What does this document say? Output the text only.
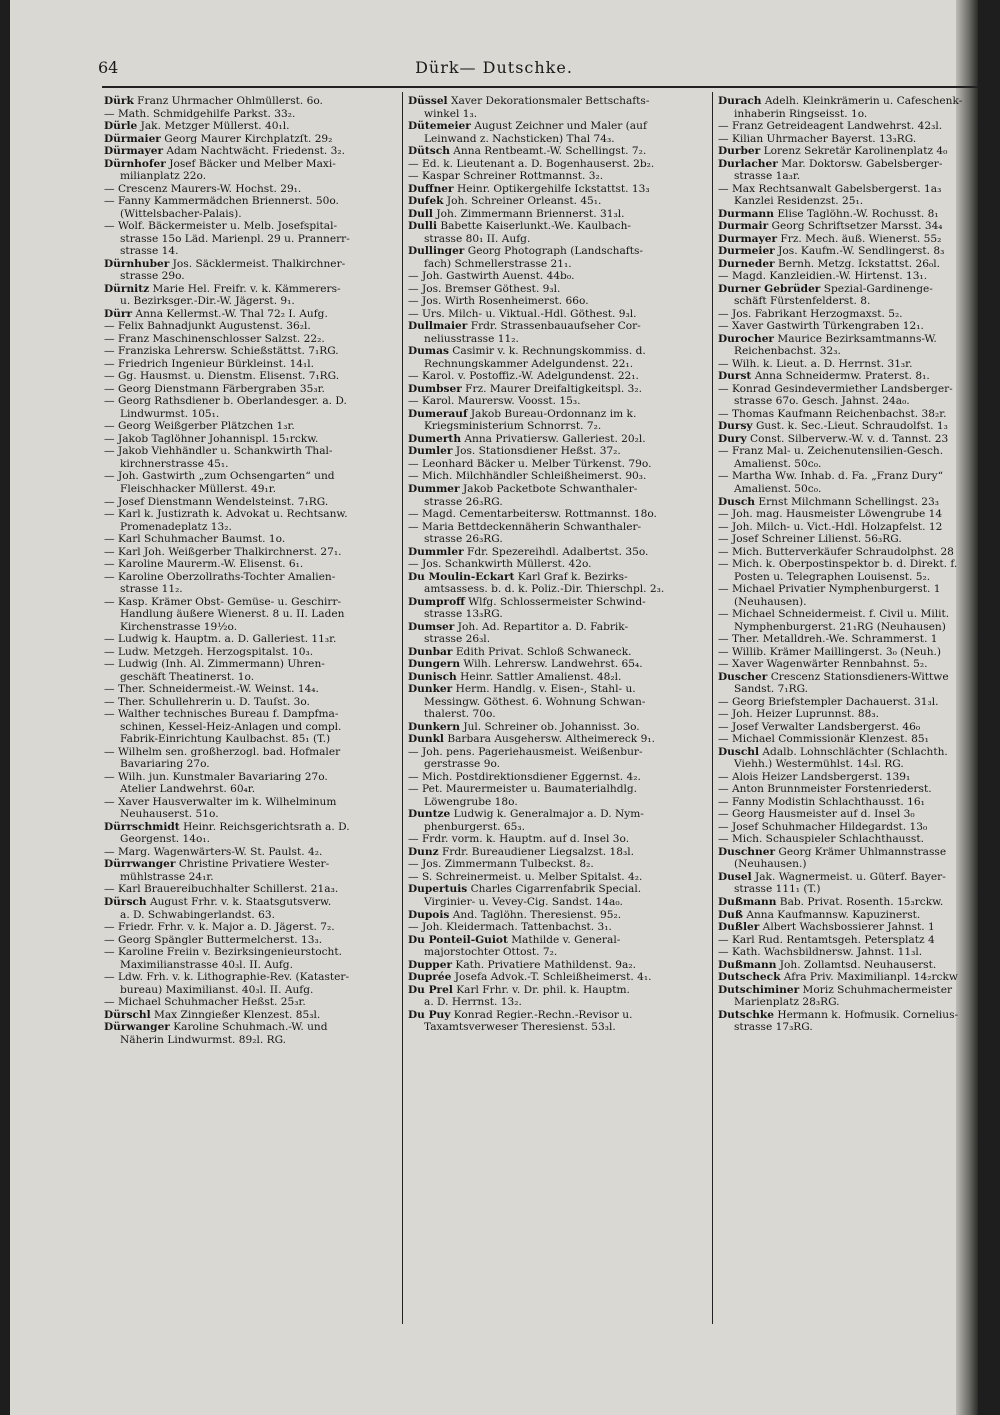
64	Dürk— Dutschke.
Dürk Franz Uhrmacher Ohlmüllerst. 6o.
— Math. Schmidgehilfe Parkst. 33₂.
Dürle Jak. Metzger Müllerst. 40₁l.
Dürmaier Georg Maurer Kirchplatzſt. 29₂
Dürmayer Adam Nachtwächt. Friedenst. 3₂.
Dürnhofer Josef Bäcker und Melber Maxi-
milianplatz 22o.
— Crescenz Maurers-W. Hochst. 29₁.
— Fanny Kammermädchen Briennerst. 50o.
(Wittelsbacher-Palais).
— Wolf. Bäckermeister u. Melb. Josefspital-
strasse 15o Läd. Marienpl. 29 u. Prannerr-
strasse 14.
Dürnhuber Jos. Säcklermeist. Thalkirchner-
strasse 29o.
Dürnitz Marie Hel. Freifr. v. k. Kämmerers-
u. Bezirksger.-Dir.-W. Jägerst. 9₁.
Dürr Anna Kellermst.-W. Thal 72₂ I. Aufg.
— Felix Bahnadjunkt Augustenst. 36₂l.
— Franz Maschinenschlosser Salzst. 22₂.
— Franziska Lehrersw. Schießstättst. 7₁RG.
— Friedrich Ingenieur Bürkleinst. 14₁l.
— Gg. Hausmst. u. Dienstm. Elisenst. 7₁RG.
— Georg Dienstmann Färbergraben 35₃r.
— Georg Rathsdiener b. Oberlandesger. a. D.
Lindwurmst. 105₁.
— Georg Weißgerber Plätzchen 1₃r.
— Jakob Taglöhner Johannispl. 15₁rckw.
— Jakob Viehhändler u. Schankwirth Thal-
kirchnerstrasse 45₁.
— Joh. Gastwirth „zum Ochsengarten“ und
Fleischhacker Müllerst. 49₁r.
— Josef Dienstmann Wendelsteinst. 7₁RG.
— Karl k. Justizrath k. Advokat u. Rechtsanw.
Promenadeplatz 13₂.
— Karl Schuhmacher Baumst. 1o.
— Karl Joh. Weißgerber Thalkirchnerst. 27₁.
— Karoline Maurerm.-W. Elisenst. 6₁.
— Karoline Oberzollraths-Tochter Amalien-
strasse 11₂.
— Kasp. Krämer Obst- Gemüse- u. Geschirr-
Handlung äußere Wienerst. 8 u. II. Laden
Kirchenstrasse 19½o.
— Ludwig k. Hauptm. a. D. Galleriest. 11₃r.
— Ludw. Metzgeh. Herzogspitalst. 10₃.
— Ludwig (Inh. Al. Zimmermann) Uhren-
geschäft Theatinerst. 1o.
— Ther. Schneidermeist.-W. Weinst. 14₄.
— Ther. Schullehrerin u. D. Tauſst. 3o.
— Walther technisches Bureau f. Dampfma-
schinen, Kessel-Heiz-Anlagen und compl.
Fabrik-Einrichtung Kaulbachst. 85₁ (T.)
— Wilhelm sen. großherzogl. bad. Hofmaler
Bavariaring 27o.
— Wilh. jun. Kunstmaler Bavariaring 27o.
Atelier Landwehrst. 60₄r.
— Xaver Hausverwalter im k. Wilhelminum
Neuhauserst. 51o.
Dürrschmidt Heinr. Reichsgerichtsrath a. D.
Georgenst. 14o₁.
— Marg. Wagenwärters-W. St. Paulst. 4₂.
Dürrwanger Christine Privatiere Wester-
mühlstrasse 24₁r.
— Karl Brauereibuchhalter Schillerst. 21a₃.
Dürsch August Frhr. v. k. Staatsgutsverw.
a. D. Schwabingerlandst. 63.
— Friedr. Frhr. v. k. Major a. D. Jägerst. 7₂.
— Georg Spängler Buttermelcherst. 13₃.
— Karoline Freiin v. Bezirksingenieurstocht.
Maximilianstrasse 40₃l. II. Aufg.
— Ldw. Frh. v. k. Lithographie-Rev. (Kataster-
bureau) Maximilianst. 40₃l. II. Aufg.
— Michael Schuhmacher Heßst. 25₃r.
Dürschl Max Zinngießer Klenzest. 85₃l.
Dürwanger Karoline Schuhmach.-W. und
Näherin Lindwurmst. 89₂l. RG.
Düssel Xaver Dekorationsmaler Bettschafts-
winkel 1₃.
Dütemeier August Zeichner und Maler (auf
Leinwand z. Nachsticken) Thal 74₃.
Dütsch Anna Rentbeamt.-W. Schellingst. 7₂.
— Ed. k. Lieutenant a. D. Bogenhauserst. 2b₂.
— Kaspar Schreiner Rottmannst. 3₂.
Duffner Heinr. Optikergehilfe Ickstattst. 13₃
Dufek Joh. Schreiner Orleanst. 45₁.
Dull Joh. Zimmermann Briennerst. 31₃l.
Dulli Babette Kaiserlunkt.-We. Kaulbach-
strasse 80₁ II. Aufg.
Dullinger Georg Photograph (Landschafts-
fach) Schmellerstrasse 21₁.
— Joh. Gastwirth Auenst. 44b₀.
— Jos. Bremser Göthest. 9₃l.
— Jos. Wirth Rosenheimerst. 66o.
— Urs. Milch- u. Viktual.-Hdl. Göthest. 9₃l.
Dullmaier Frdr. Strassenbauaufseher Cor-
neliusstrasse 11₂.
Dumas Casimir v. k. Rechnungskommiss. d.
Rechnungskammer Adelgundenst. 22₁.
— Karol. v. Postoffiz.-W. Adelgundenst. 22₁.
Dumbser Frz. Maurer Dreifaltigkeitspl. 3₂.
— Karol. Maurersw. Voosst. 15₃.
Dumerauf Jakob Bureau-Ordonnanz im k.
Kriegsministerium Schnorrst. 7₂.
Dumerth Anna Privatiersw. Galleriest. 20₂l.
Dumler Jos. Stationsdiener Heßst. 37₂.
— Leonhard Bäcker u. Melber Türkenst. 79o.
— Mich. Milchhändler Schleißheimerst. 90₃.
Dummer Jakob Packetbote Schwanthaler-
strasse 26₃RG.
— Magd. Cementarbeitersw. Rottmannst. 18o.
— Maria Bettdeckennäherin Schwanthaler-
strasse 26₃RG.
Dummler Fdr. Spezereihdl. Adalbertst. 35o.
— Jos. Schankwirth Müllerst. 42o.
Du Moulin-Eckart Karl Graf k. Bezirks-
amtsassess. b. d. k. Poliz.-Dir. Thierschpl. 2₃.
Dumproff Wlfg. Schlossermeister Schwind-
strasse 13₃RG.
Dumser Joh. Ad. Repartitor a. D. Fabrik-
strasse 26₃l.
Dunbar Edith Privat. Schloß Schwaneck.
Dungern Wilh. Lehrersw. Landwehrst. 65₄.
Dunisch Heinr. Sattler Amalienst. 48₂l.
Dunker Herm. Handlg. v. Eisen-, Stahl- u.
Messingw. Göthest. 6. Wohnung Schwan-
thalerst. 70o.
Dunkern Jul. Schreiner ob. Johannisst. 3o.
Dunkl Barbara Ausgehersw. Altheimereck 9₁.
— Joh. pens. Pageriehausmeist. Weißenbur-
gerstrasse 9o.
— Mich. Postdirektionsdiener Eggernst. 4₂.
— Pet. Maurermeister u. Baumaterialhdlg.
Löwengrube 18o.
Duntze Ludwig k. Generalmajor a. D. Nym-
phenburgerst. 65₃.
— Frdr. vorm. k. Hauptm. auf d. Insel 3o.
Dunz Frdr. Bureaudiener Liegsalzst. 18₃l.
— Jos. Zimmermann Tulbeckst. 8₂.
— S. Schreinermeist. u. Melber Spitalst. 4₂.
Dupertuis Charles Cigarrenfabrik Special.
Virginier- u. Vevey-Cig. Sandst. 14a₀.
Dupois And. Taglöhn. Theresienst. 95₂.
— Joh. Kleidermach. Tattenbachst. 3₁.
Du Ponteil-Guiot Mathilde v. General-
majorstochter Ottost. 7₂.
Dupper Kath. Privatiere Mathildenst. 9a₂.
Duprée Josefa Advok.-T. Schleißheimerst. 4₁.
Du Prel Karl Frhr. v. Dr. phil. k. Hauptm.
a. D. Herrnst. 13₂.
Du Puy Konrad Regier.-Rechn.-Revisor u.
Taxamtsverweser Theresienst. 53₃l.
Durach Adelh. Kleinkrämerin u. Cafeschenk-
inhaberin Ringseisst. 1o.
— Franz Getreideagent Landwehrst. 42₃l.
— Kilian Uhrmacher Bayerst. 13₃RG.
Durber Lorenz Sekretär Karolinenplatz 4₀
Durlacher Mar. Doktorsw. Gabelsberger-
strasse 1a₃r.
— Max Rechtsanwalt Gabelsbergerst. 1a₃
Kanzlei Residenzst. 25₁.
Durmann Elise Taglöhn.-W. Rochusst. 8₁
Durmair Georg Schriftsetzer Marsst. 34₄
Durmayer Frz. Mech. äuß. Wienerst. 55₂
Durmeier Jos. Kaufm.-W. Sendlingerst. 8₃
Durneder Bernh. Metzg. Ickstattst. 26₀l.
— Magd. Kanzleidien.-W. Hirtenst. 13₁.
Durner Gebrüder Spezial-Gardinenge-
schäft Fürstenfelderst. 8.
— Jos. Fabrikant Herzogmaxst. 5₂.
— Xaver Gastwirth Türkengraben 12₁.
Durocher Maurice Bezirksamtmanns-W.
Reichenbachst. 32₃.
— Wilh. k. Lieut. a. D. Herrnst. 31₃r.
Durst Anna Schneidermw. Praterst. 8₁.
— Konrad Gesindevermiether Landsberger-
strasse 67o. Gesch. Jahnst. 24a₀.
— Thomas Kaufmann Reichenbachst. 38₂r.
Dursy Gust. k. Sec.-Lieut. Schraudolfst. 1₃
Dury Const. Silberverw.-W. v. d. Tannst. 23
— Franz Mal- u. Zeichenutensilien-Gesch.
Amalienst. 50c₀.
— Martha Ww. Inhab. d. Fa. „Franz Dury“
Amalienst. 50c₀.
Dusch Ernst Milchmann Schellingst. 23₃
— Joh. mag. Hausmeister Löwengrube 14
— Joh. Milch- u. Vict.-Hdl. Holzapfelst. 12
— Josef Schreiner Lilienst. 56₃RG.
— Mich. Butterverkäufer Schraudolphst. 28
— Mich. k. Oberpostinspektor b. d. Direkt. f.
Posten u. Telegraphen Louisenst. 5₂.
— Michael Privatier Nymphenburgerst. 1
(Neuhausen).
— Michael Schneidermeist. f. Civil u. Milit.
Nymphenburgerst. 21₁RG (Neuhausen)
— Ther. Metalldreh.-We. Schrammerst. 1
— Willib. Krämer Maillingerst. 3₀ (Neuh.)
— Xaver Wagenwärter Rennbahnst. 5₂.
Duscher Crescenz Stationsdieners-Wittwe
Sandst. 7₁RG.
— Georg Briefstempler Dachauerst. 31₃l.
— Joh. Heizer Luprunnst. 88₃.
— Josef Verwalter Landsbergerst. 46₀
— Michael Commissionär Klenzest. 85₁
Duschl Adalb. Lohnschlächter (Schlachth.
Viehh.) Westermühlst. 14₃l. RG.
— Alois Heizer Landsbergerst. 139₁
— Anton Brunnmeister Forstenriederst.
— Fanny Modistin Schlachthausst. 16₁
— Georg Hausmeister auf d. Insel 3₀
— Josef Schuhmacher Hildegardst. 13₀
— Mich. Schauspieler Schlachthausst.
Duschner Georg Krämer Uhlmannstrasse
(Neuhausen.)
Dusel Jak. Wagnermeist. u. Güterf. Bayer-
strasse 111₁ (T.)
Dußmann Bab. Privat. Rosenth. 15₃rckw.
Duß Anna Kaufmannsw. Kapuzinerst.
Dußler Albert Wachsbossierer Jahnst. 1
— Karl Rud. Rentamtsgeh. Petersplatz 4
— Kath. Wachsbildnersw. Jahnst. 11₃l.
Dußmann Joh. Zollamtsd. Neuhauserst.
Dutscheck Afra Priv. Maximilianpl. 14₂rckw
Dutschiminer Moriz Schuhmachermeister
Marienplatz 28₃RG.
Dutschke Hermann k. Hofmusik. Cornelius-
strasse 17₃RG.
